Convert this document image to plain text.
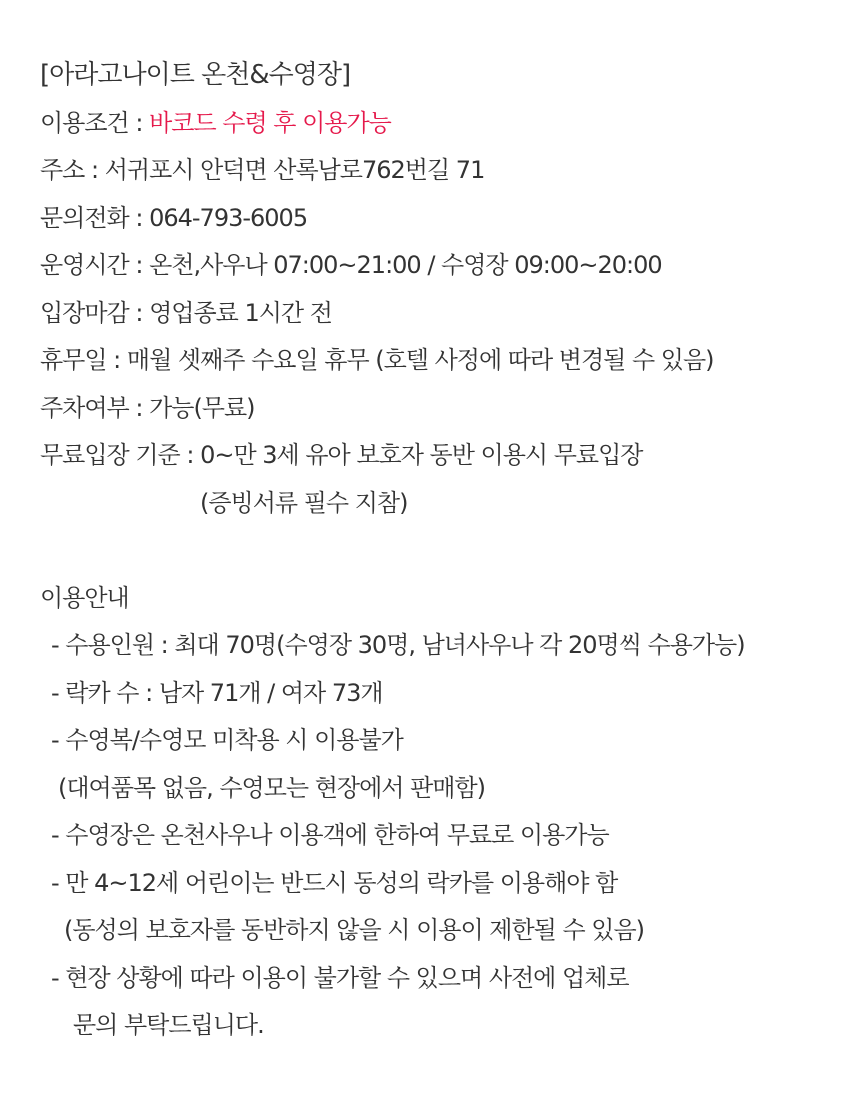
[아라고나이트 온천&수영장]
이용조건 : 바코드 수령 후 이용가능
주소 : 서귀포시 안덕면 산록남로762번길 71
문의전화 : 064-793-6005
운영시간 : 온천,사우나 07:00~21:00 / 수영장 09:00~20:00
입장마감 : 영업종료 1시간 전
휴무일 : 매월 셋째주 수요일 휴무 (호텔 사정에 따라 변경될 수 있음)
주차여부 : 가능(무료)
무료입장 기준 : 0~만 3세 유아 보호자 동반 이용시 무료입장
(증빙서류 필수 지참)
이용안내
- 수용인원 : 최대 70명(수영장 30명, 남녀사우나 각 20명씩 수용가능)
- 락카 수 : 남자 71개 / 여자 73개
- 수영복/수영모 미착용 시 이용불가
(대여품목 없음, 수영모는 현장에서 판매함)
- 수영장은 온천사우나 이용객에 한하여 무료로 이용가능
- 만 4~12세 어린이는 반드시 동성의 락카를 이용해야 함
(동성의 보호자를 동반하지 않을 시 이용이 제한될 수 있음)
- 현장 상황에 따라 이용이 불가할 수 있으며 사전에 업체로
문의 부탁드립니다.
